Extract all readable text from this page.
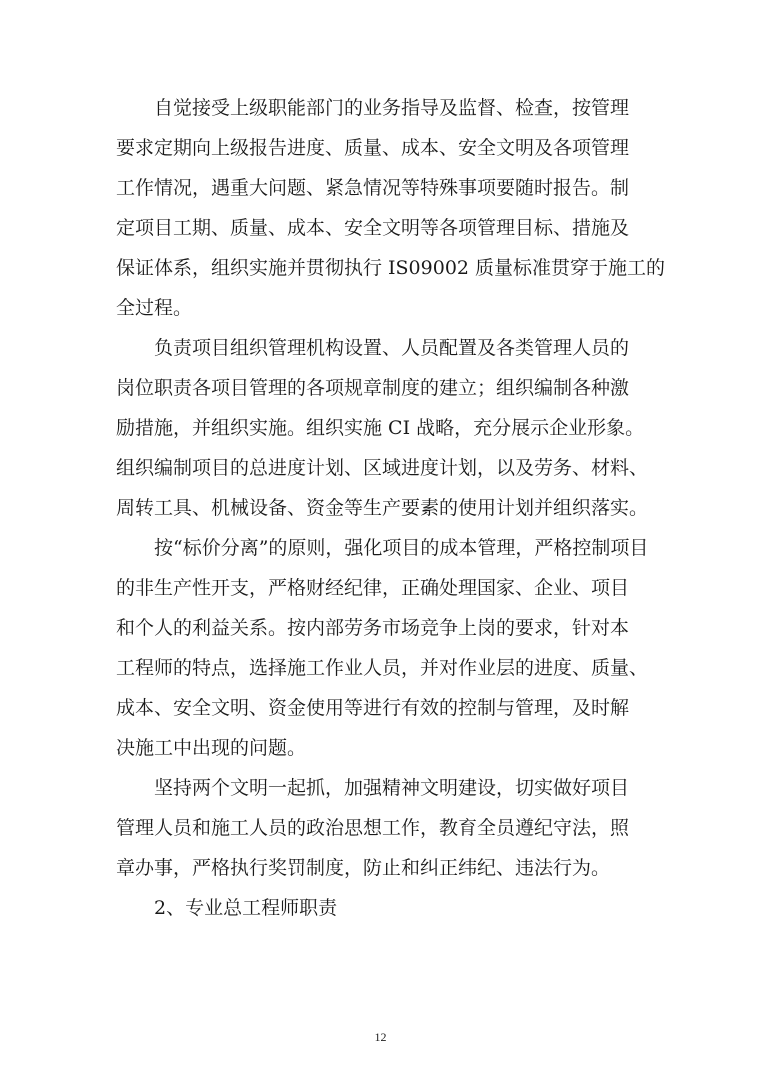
自觉接受上级职能部门的业务指导及监督、检查，按管理
要求定期向上级报告进度、质量、成本、安全文明及各项管理
工作情况，遇重大问题、紧急情况等特殊事项要随时报告。制
定项目工期、质量、成本、安全文明等各项管理目标、措施及
保证体系，组织实施并贯彻执行 IS09002 质量标准贯穿于施工的
全过程。
负责项目组织管理机构设置、人员配置及各类管理人员的
岗位职责各项目管理的各项规章制度的建立；组织编制各种激
励措施，并组织实施。组织实施 CI 战略，充分展示企业形象。
组织编制项目的总进度计划、区域进度计划，以及劳务、材料、
周转工具、机械设备、资金等生产要素的使用计划并组织落实。
按“标价分离”的原则，强化项目的成本管理，严格控制项目
的非生产性开支，严格财经纪律，正确处理国家、企业、项目
和个人的利益关系。按内部劳务市场竞争上岗的要求，针对本
工程师的特点，选择施工作业人员，并对作业层的进度、质量、
成本、安全文明、资金使用等进行有效的控制与管理，及时解
决施工中出现的问题。
坚持两个文明一起抓，加强精神文明建设，切实做好项目
管理人员和施工人员的政治思想工作，教育全员遵纪守法，照
章办事，严格执行奖罚制度，防止和纠正纬纪、违法行为。
2、专业总工程师职责
12
